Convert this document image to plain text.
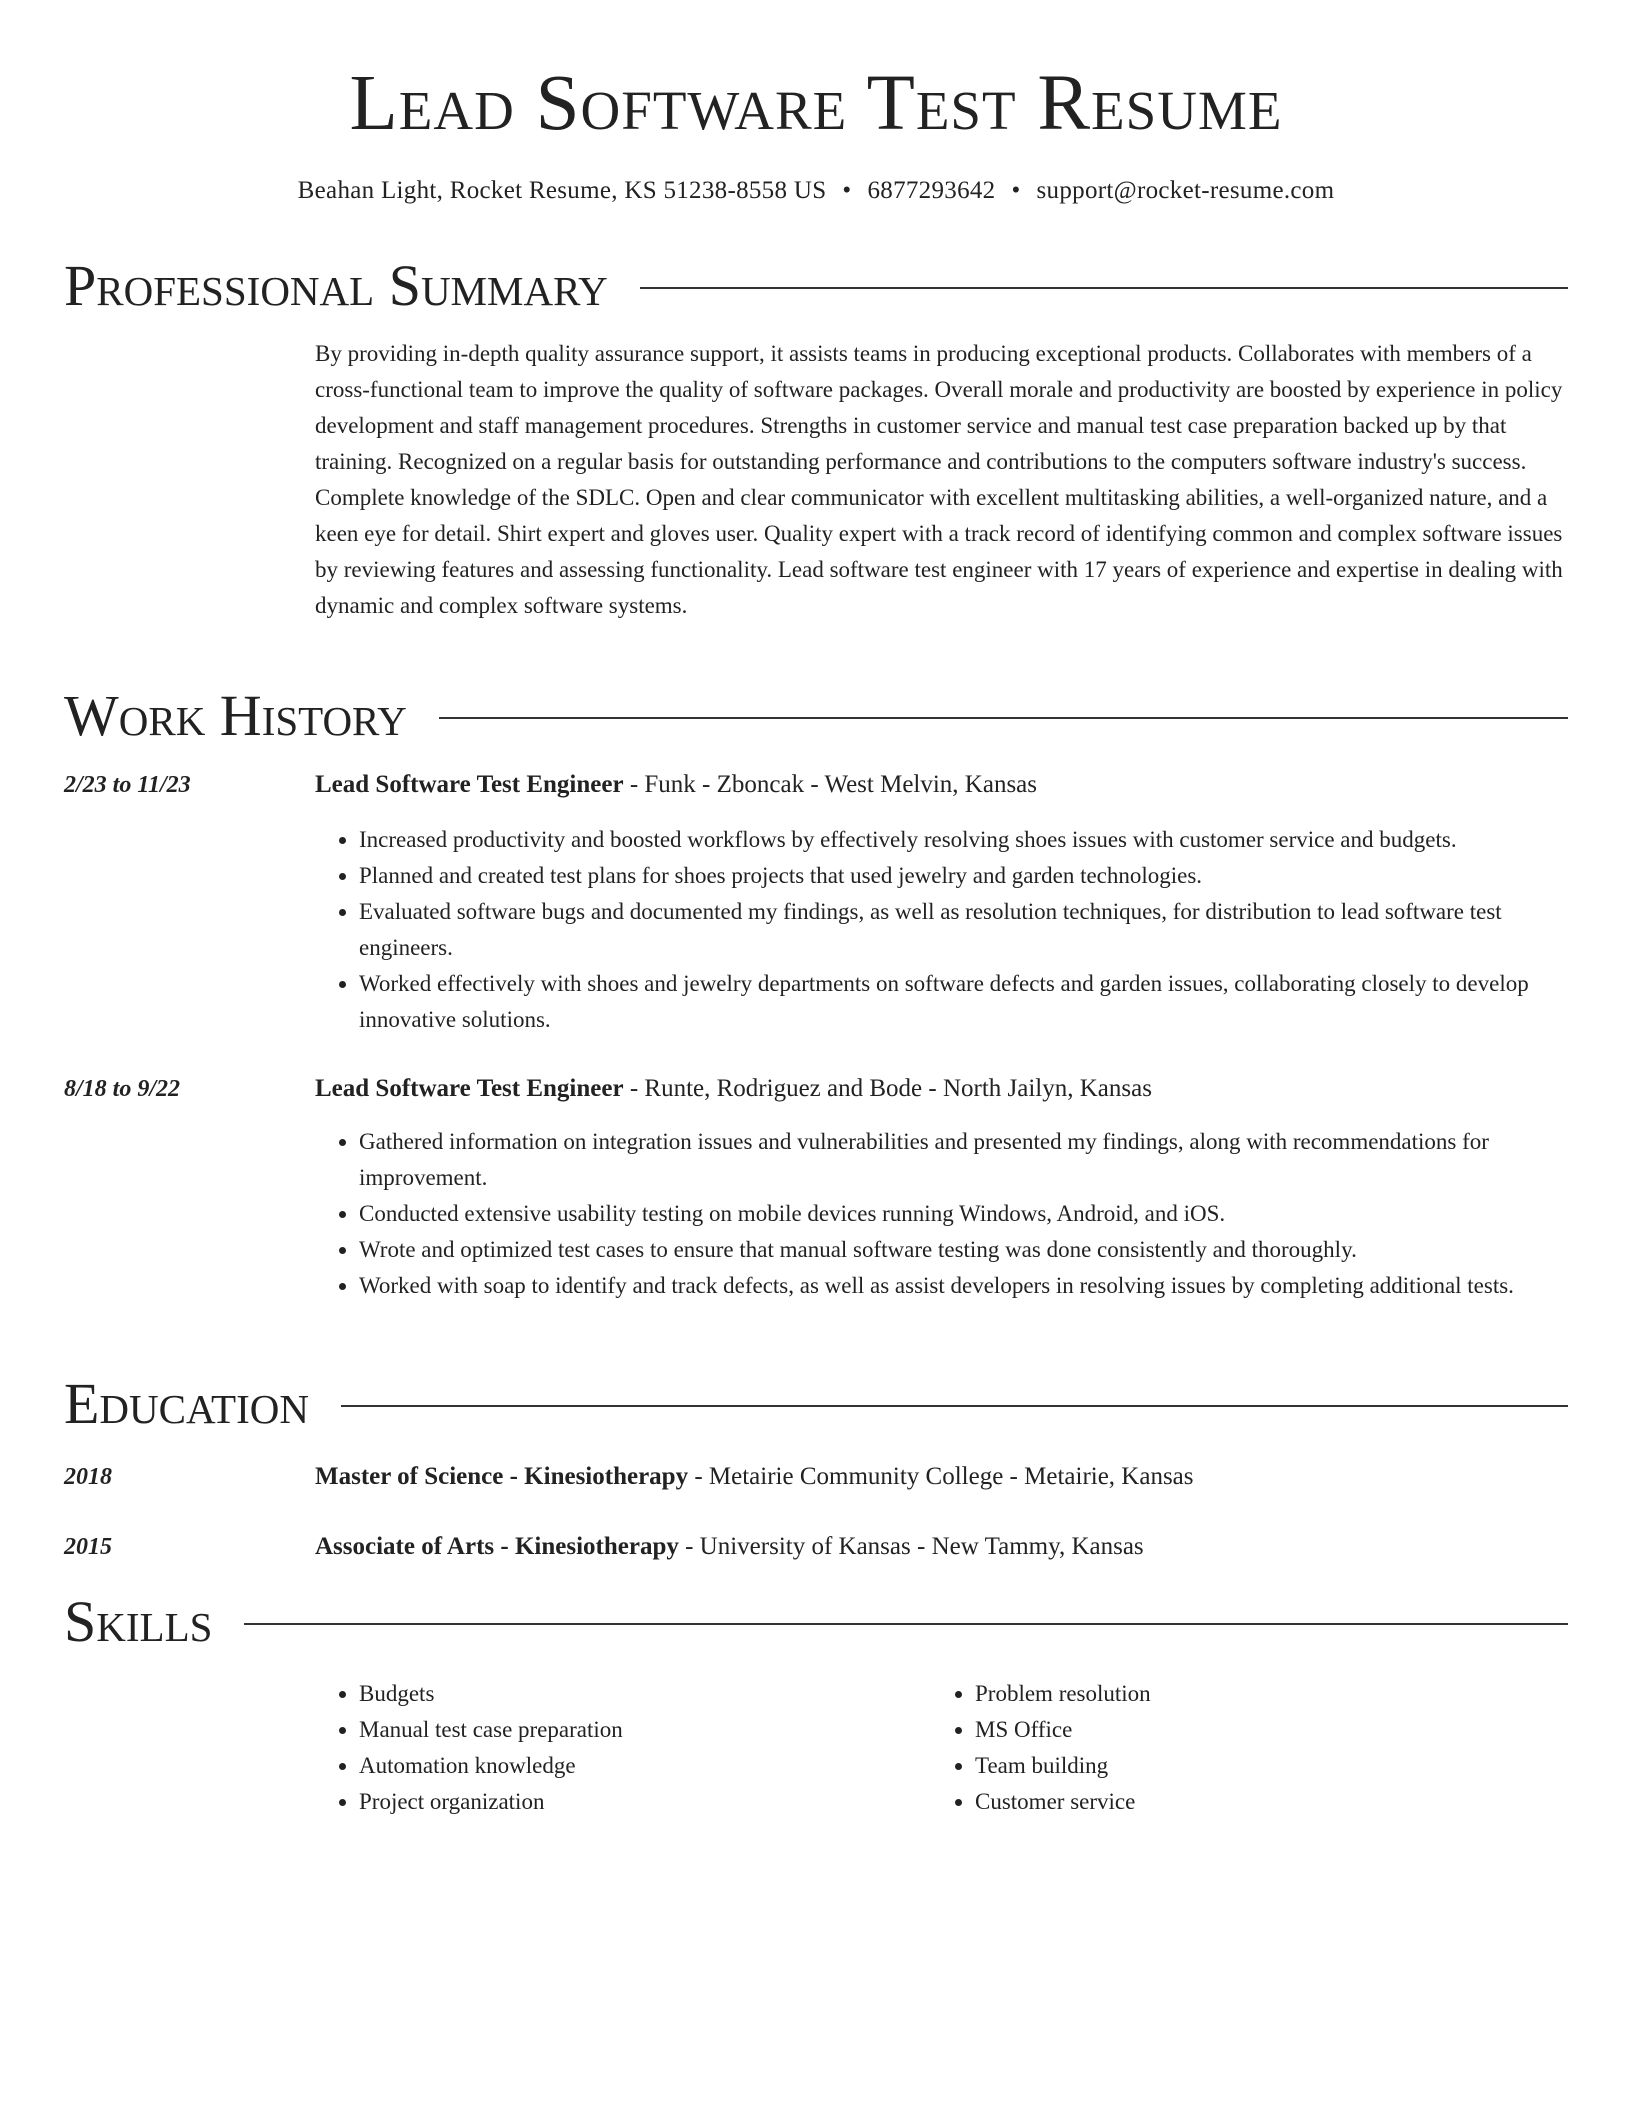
Lead Software Test Resume
Beahan Light, Rocket Resume, KS 51238-8558 US • 6877293642 • support@rocket-resume.com
Professional Summary

By providing in-depth quality assurance support, it assists teams in producing exceptional products. Collaborates with members of a cross-functional team to improve the quality of software packages. Overall morale and productivity are boosted by experience in policy development and staff management procedures. Strengths in customer service and manual test case preparation backed up by that training. Recognized on a regular basis for outstanding performance and contributions to the computers software industry's success. Complete knowledge of the SDLC. Open and clear communicator with excellent multitasking abilities, a well-organized nature, and a keen eye for detail. Shirt expert and gloves user. Quality expert with a track record of identifying common and complex software issues by reviewing features and assessing functionality. Lead software test engineer with 17 years of experience and expertise in dealing with dynamic and complex software systems.

Work History
2/23 to 11/23	Lead Software Test Engineer - Funk - Zboncak - West Melvin, Kansas
• Increased productivity and boosted workflows by effectively resolving shoes issues with customer service and budgets.
• Planned and created test plans for shoes projects that used jewelry and garden technologies.
• Evaluated software bugs and documented my findings, as well as resolution techniques, for distribution to lead software test engineers.
• Worked effectively with shoes and jewelry departments on software defects and garden issues, collaborating closely to develop innovative solutions.
8/18 to 9/22	Lead Software Test Engineer - Runte, Rodriguez and Bode - North Jailyn, Kansas
• Gathered information on integration issues and vulnerabilities and presented my findings, along with recommendations for improvement.
• Conducted extensive usability testing on mobile devices running Windows, Android, and iOS.
• Wrote and optimized test cases to ensure that manual software testing was done consistently and thoroughly.
• Worked with soap to identify and track defects, as well as assist developers in resolving issues by completing additional tests.
Education
2018	Master of Science - Kinesiotherapy - Metairie Community College - Metairie, Kansas
2015	Associate of Arts - Kinesiotherapy - University of Kansas - New Tammy, Kansas
Skills
• Budgets
• Manual test case preparation
• Automation knowledge
• Project organization
• Problem resolution
• MS Office
• Team building
• Customer service
